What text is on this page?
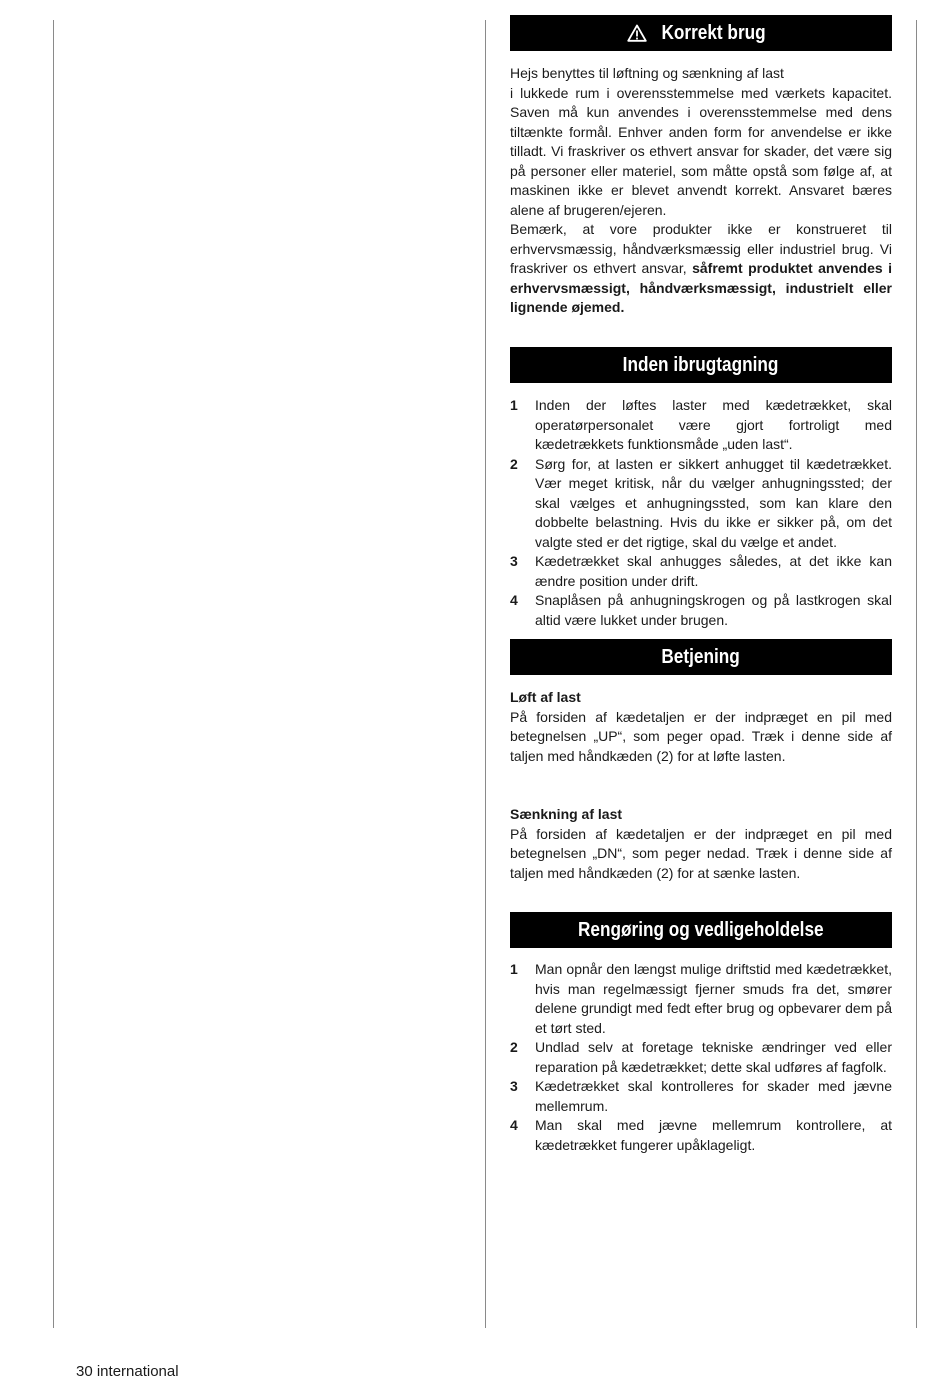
Korrekt brug

Hejs benyttes til løftning og sænkning af last

i lukkede rum i overensstemmelse med værkets kapacitet. Saven må kun anvendes i overensstemmelse med dens tiltænkte formål. Enhver anden form for anvendelse er ikke tilladt. Vi fraskriver os ethvert ansvar for skader, det være sig på personer eller materiel, som måtte opstå som følge af, at maskinen ikke er blevet anvendt korrekt. Ansvaret bæres alene af brugeren/ejeren.

Bemærk, at vore produkter ikke er konstrueret til erhvervsmæssig, håndværksmæssig eller industriel brug. Vi fraskriver os ethvert ansvar, såfremt produktet anvendes i erhvervsmæssigt, håndværksmæssigt, industrielt eller lignende øjemed.

Inden ibrugtagning
1 Inden der løftes laster med kædetrækket, skal operatørpersonalet være gjort fortroligt med kædetrækkets funktionsmåde „uden last“.
2 Sørg for, at lasten er sikkert anhugget til kædetrækket. Vær meget kritisk, når du vælger anhugningssted; der skal vælges et anhugningssted, som kan klare den dobbelte belastning. Hvis du ikke er sikker på, om det valgte sted er det rigtige, skal du vælge et andet.
3 Kædetrækket skal anhugges således, at det ikke kan ændre position under drift.
4 Snaplåsen på anhugningskrogen og på lastkrogen skal altid være lukket under brugen.
Betjening

Løft af last

På forsiden af kædetaljen er der indpræget en pil med betegnelsen „UP“, som peger opad. Træk i denne side af taljen med håndkæden (2) for at løfte lasten.

Sænkning af last

På forsiden af kædetaljen er der indpræget en pil med betegnelsen „DN“, som peger nedad. Træk i denne side af taljen med håndkæden (2) for at sænke lasten.

Rengøring og vedligeholdelse
1 Man opnår den længst mulige driftstid med kædetrækket, hvis man regelmæssigt fjerner smuds fra det, smører delene grundigt med fedt efter brug og opbevarer dem på et tørt sted.
2 Undlad selv at foretage tekniske ændringer ved eller reparation på kædetrækket; dette skal udføres af fagfolk.
3 Kædetrækket skal kontrolleres for skader med jævne mellemrum.
4 Man skal med jævne mellemrum kontrollere, at kædetrækket fungerer upåklageligt.
30 international
